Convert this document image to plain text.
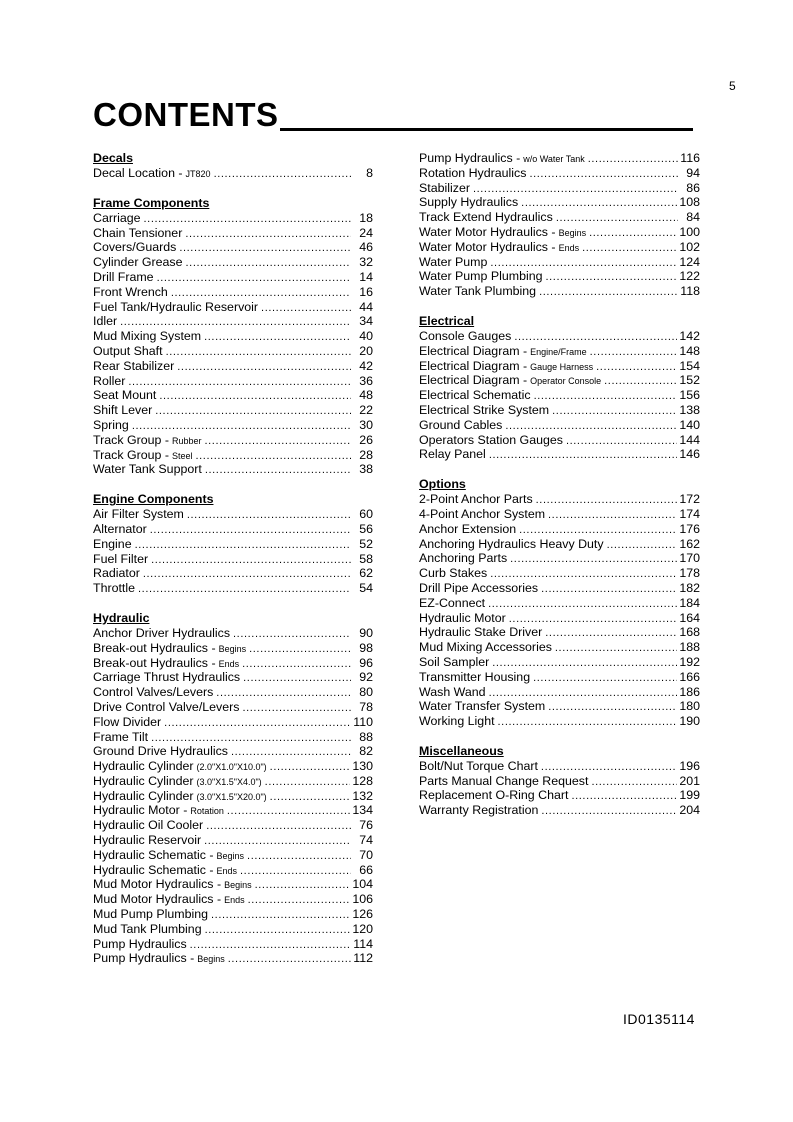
5
CONTENTS
Decals
Decal Location - JT820 .....	8
Frame Components
Carriage .....	18
Chain Tensioner .....	24
Covers/Guards .....	46
Cylinder Grease .....	32
Drill Frame .....	14
Front Wrench .....	16
Fuel Tank/Hydraulic Reservoir .....	44
Idler .....	34
Mud Mixing System .....	40
Output Shaft .....	20
Rear Stabilizer .....	42
Roller .....	36
Seat Mount .....	48
Shift Lever .....	22
Spring .....	30
Track Group - Rubber .....	26
Track Group - Steel .....	28
Water Tank Support .....	38
Engine Components
Air Filter System .....	60
Alternator .....	56
Engine .....	52
Fuel Filter .....	58
Radiator .....	62
Throttle .....	54
Hydraulic
Anchor Driver Hydraulics .....	90
Break-out Hydraulics - Begins .....	98
Break-out Hydraulics - Ends .....	96
Carriage Thrust Hydraulics .....	92
Control Valves/Levers .....	80
Drive Control Valve/Levers .....	78
Flow Divider .....	110
Frame Tilt .....	88
Ground Drive Hydraulics .....	82
Hydraulic Cylinder (2.0"X1.0"X10.0") .....	130
Hydraulic Cylinder (3.0"X1.5"X4.0") .....	128
Hydraulic Cylinder (3.0"X1.5"X20.0") .....	132
Hydraulic Motor - Rotation .....	134
Hydraulic Oil Cooler .....	76
Hydraulic Reservoir .....	74
Hydraulic Schematic - Begins .....	70
Hydraulic Schematic - Ends .....	66
Mud Motor Hydraulics - Begins .....	104
Mud Motor Hydraulics - Ends .....	106
Mud Pump Plumbing .....	126
Mud Tank Plumbing .....	120
Pump Hydraulics .....	114
Pump Hydraulics - Begins .....	112
Pump Hydraulics - w/o Water Tank .....	116
Rotation Hydraulics .....	94
Stabilizer .....	86
Supply Hydraulics .....	108
Track Extend Hydraulics .....	84
Water Motor Hydraulics - Begins .....	100
Water Motor Hydraulics - Ends .....	102
Water Pump .....	124
Water Pump Plumbing .....	122
Water Tank Plumbing .....	118
Electrical
Console Gauges .....	142
Electrical Diagram - Engine/Frame .....	148
Electrical Diagram - Gauge Harness .....	154
Electrical Diagram - Operator Console .....	152
Electrical Schematic .....	156
Electrical Strike System .....	138
Ground Cables .....	140
Operators Station Gauges .....	144
Relay Panel .....	146
Options
2-Point Anchor Parts .....	172
4-Point Anchor System .....	174
Anchor Extension .....	176
Anchoring Hydraulics Heavy Duty .....	162
Anchoring Parts .....	170
Curb Stakes .....	178
Drill Pipe Accessories .....	182
EZ-Connect .....	184
Hydraulic Motor .....	164
Hydraulic Stake Driver .....	168
Mud Mixing Accessories .....	188
Soil Sampler .....	192
Transmitter Housing .....	166
Wash Wand .....	186
Water Transfer System .....	180
Working Light .....	190
Miscellaneous
Bolt/Nut Torque Chart .....	196
Parts Manual Change Request .....	201
Replacement O-Ring Chart .....	199
Warranty Registration .....	204
ID0135114
